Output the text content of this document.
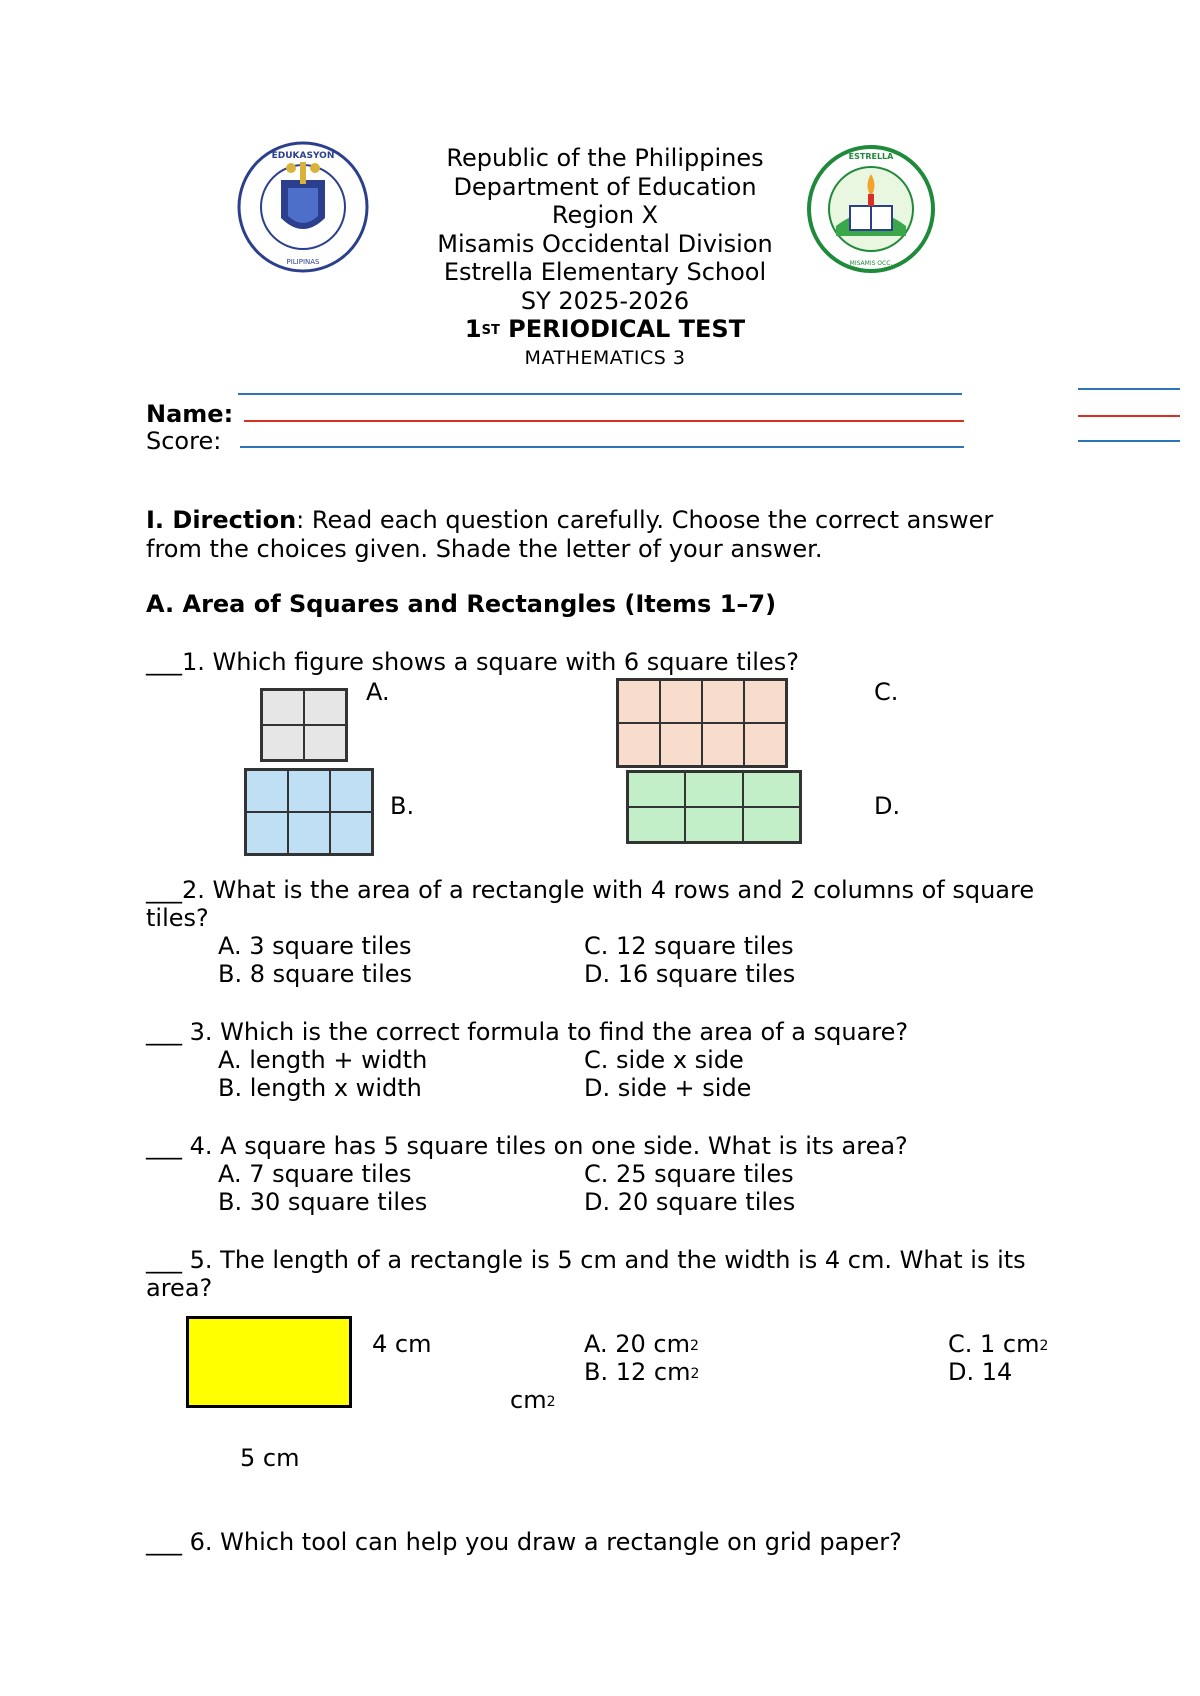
EDUKASYON
PILIPINAS
ESTRELLA
MISAMIS OCC.
Republic of the Philippines
Department of Education
Region X
Misamis Occidental Division
Estrella Elementary School
SY 2025-2026
1ST PERIODICAL TEST
MATHEMATICS 3
Name:
Score:
I. Direction: Read each question carefully. Choose the correct answer
from the choices given. Shade the letter of your answer.
A. Area of Squares and Rectangles (Items 1–7)
___1. Which figure shows a square with 6 square tiles?
A.	C.
B.	D.
___2. What is the area of a rectangle with 4 rows and 2 columns of square tiles?
A. 3 square tiles	C. 12 square tiles
B. 8 square tiles	D. 16 square tiles
___ 3. Which is the correct formula to find the area of a square?
A. length + width	C. side x side
B. length x width	D. side + side
___ 4. A square has 5 square tiles on one side. What is its area?
A. 7 square tiles	C. 25 square tiles
B. 30 square tiles	D. 20 square tiles
___ 5. The length of a rectangle is 5 cm and the width is 4 cm. What is its area?
4 cm
5 cm
A. 20 $cm^2$
B. 12 $cm^2$
C. 1 $cm^2$
D. 14
$cm^2$
___ 6. Which tool can help you draw a rectangle on grid paper?
